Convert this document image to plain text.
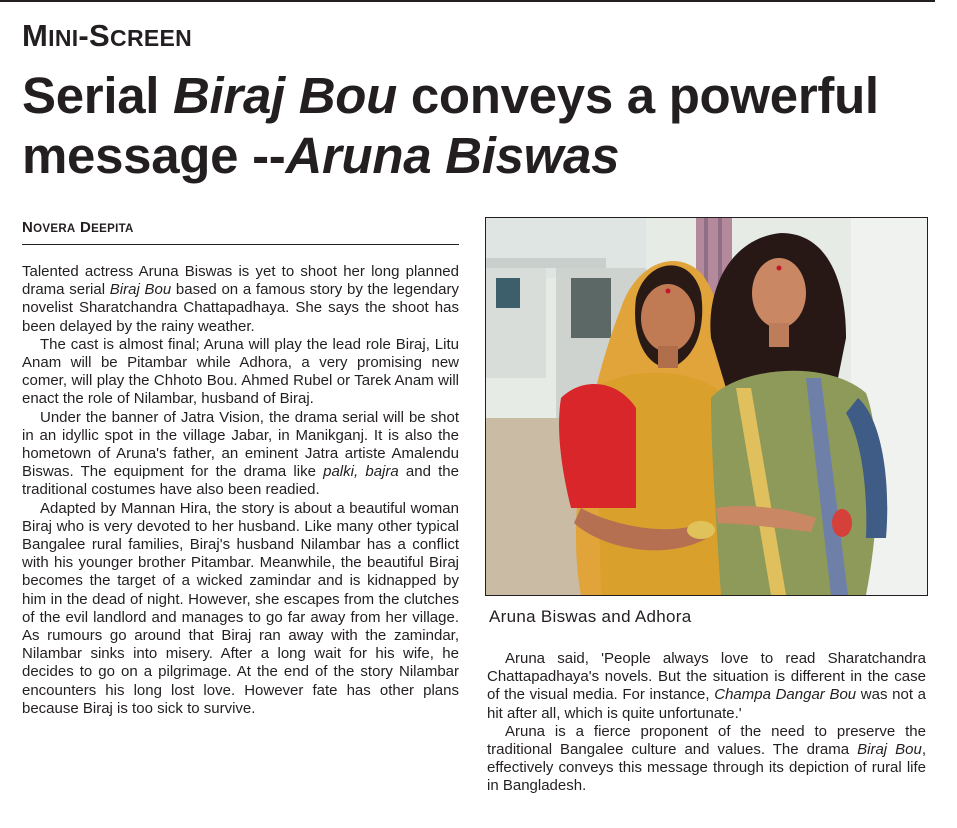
MINI-SCREEN
Serial Biraj Bou conveys a powerful message --Aruna Biswas
NOVERA DEEPITA

Talented actress Aruna Biswas is yet to shoot her long planned drama serial Biraj Bou based on a famous story by the legendary novelist Sharatchandra Chattapadhaya. She says the shoot has been delayed by the rainy weather.

The cast is almost final; Aruna will play the lead role Biraj, Litu Anam will be Pitambar while Adhora, a very promising new comer, will play the Chhoto Bou. Ahmed Rubel or Tarek Anam will enact the role of Nilambar, husband of Biraj.

Under the banner of Jatra Vision, the drama serial will be shot in an idyllic spot in the village Jabar, in Manikganj. It is also the hometown of Aruna's father, an eminent Jatra artiste Amalendu Biswas. The equipment for the drama like palki, bajra and the traditional costumes have also been readied.

Adapted by Mannan Hira, the story is about a beautiful woman Biraj who is very devoted to her husband. Like many other typical Bangalee rural families, Biraj's husband Nilambar has a conflict with his younger brother Pitambar. Meanwhile, the beautiful Biraj becomes the target of a wicked zamindar and is kidnapped by him in the dead of night. However, she escapes from the clutches of the evil landlord and manages to go far away from her village. As rumours go around that Biraj ran away with the zamindar, Nilambar sinks into misery. After a long wait for his wife, he decides to go on a pilgrimage. At the end of the story Nilambar encounters his long lost love. However fate has other plans because Biraj is too sick to survive.

Aruna Biswas and Adhora

Aruna said, 'People always love to read Sharatchandra Chattapadhaya's novels. But the situation is different in the case of the visual media. For instance, Champa Dangar Bou was not a hit after all, which is quite unfortunate.'

Aruna is a fierce proponent of the need to preserve the traditional Bangalee culture and values. The drama Biraj Bou, effectively conveys this message through its depiction of rural life in Bangladesh.
